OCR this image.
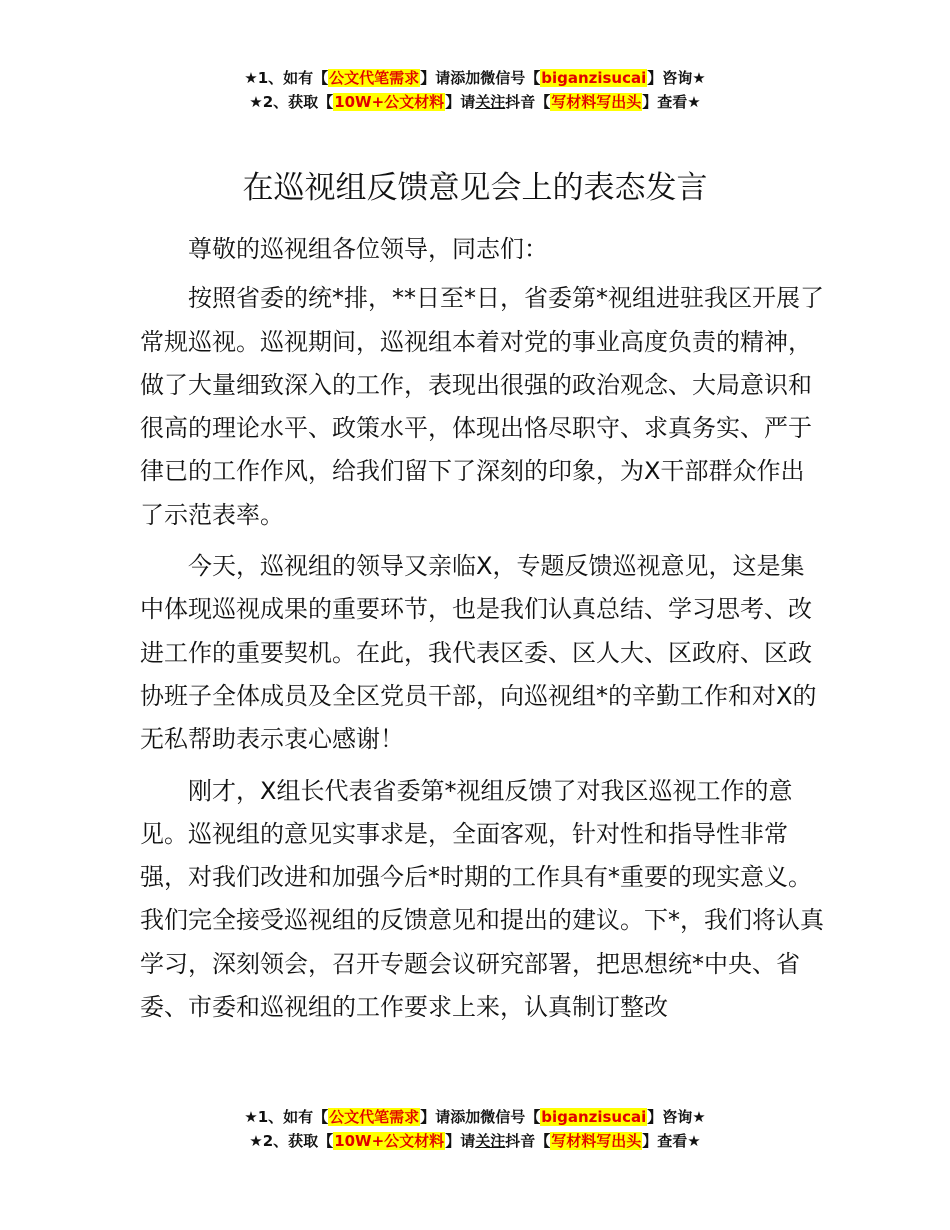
★1、如有【公文代笔需求】请添加微信号【biganzisucai】咨询★
★2、获取【10W+公文材料】请关注抖音【写材料写出头】查看★
在巡视组反馈意见会上的表态发言

尊敬的巡视组各位领导，同志们：

按照省委的统*排，**日至*日，省委第*视组进驻我区开展了常规巡视。巡视期间，巡视组本着对党的事业高度负责的精神，做了大量细致深入的工作，表现出很强的政治观念、大局意识和很高的理论水平、政策水平，体现出恪尽职守、求真务实、严于律已的工作作风，给我们留下了深刻的印象，为X干部群众作出了示范表率。

今天，巡视组的领导又亲临X，专题反馈巡视意见，这是集中体现巡视成果的重要环节，也是我们认真总结、学习思考、改进工作的重要契机。在此，我代表区委、区人大、区政府、区政协班子全体成员及全区党员干部，向巡视组*的辛勤工作和对X的无私帮助表示衷心感谢！

刚才，X组长代表省委第*视组反馈了对我区巡视工作的意见。巡视组的意见实事求是，全面客观，针对性和指导性非常强，对我们改进和加强今后*时期的工作具有*重要的现实意义。我们完全接受巡视组的反馈意见和提出的建议。下*，我们将认真学习，深刻领会，召开专题会议研究部署，把思想统*中央、省委、市委和巡视组的工作要求上来，认真制订整改

★1、如有【公文代笔需求】请添加微信号【biganzisucai】咨询★
★2、获取【10W+公文材料】请关注抖音【写材料写出头】查看★
